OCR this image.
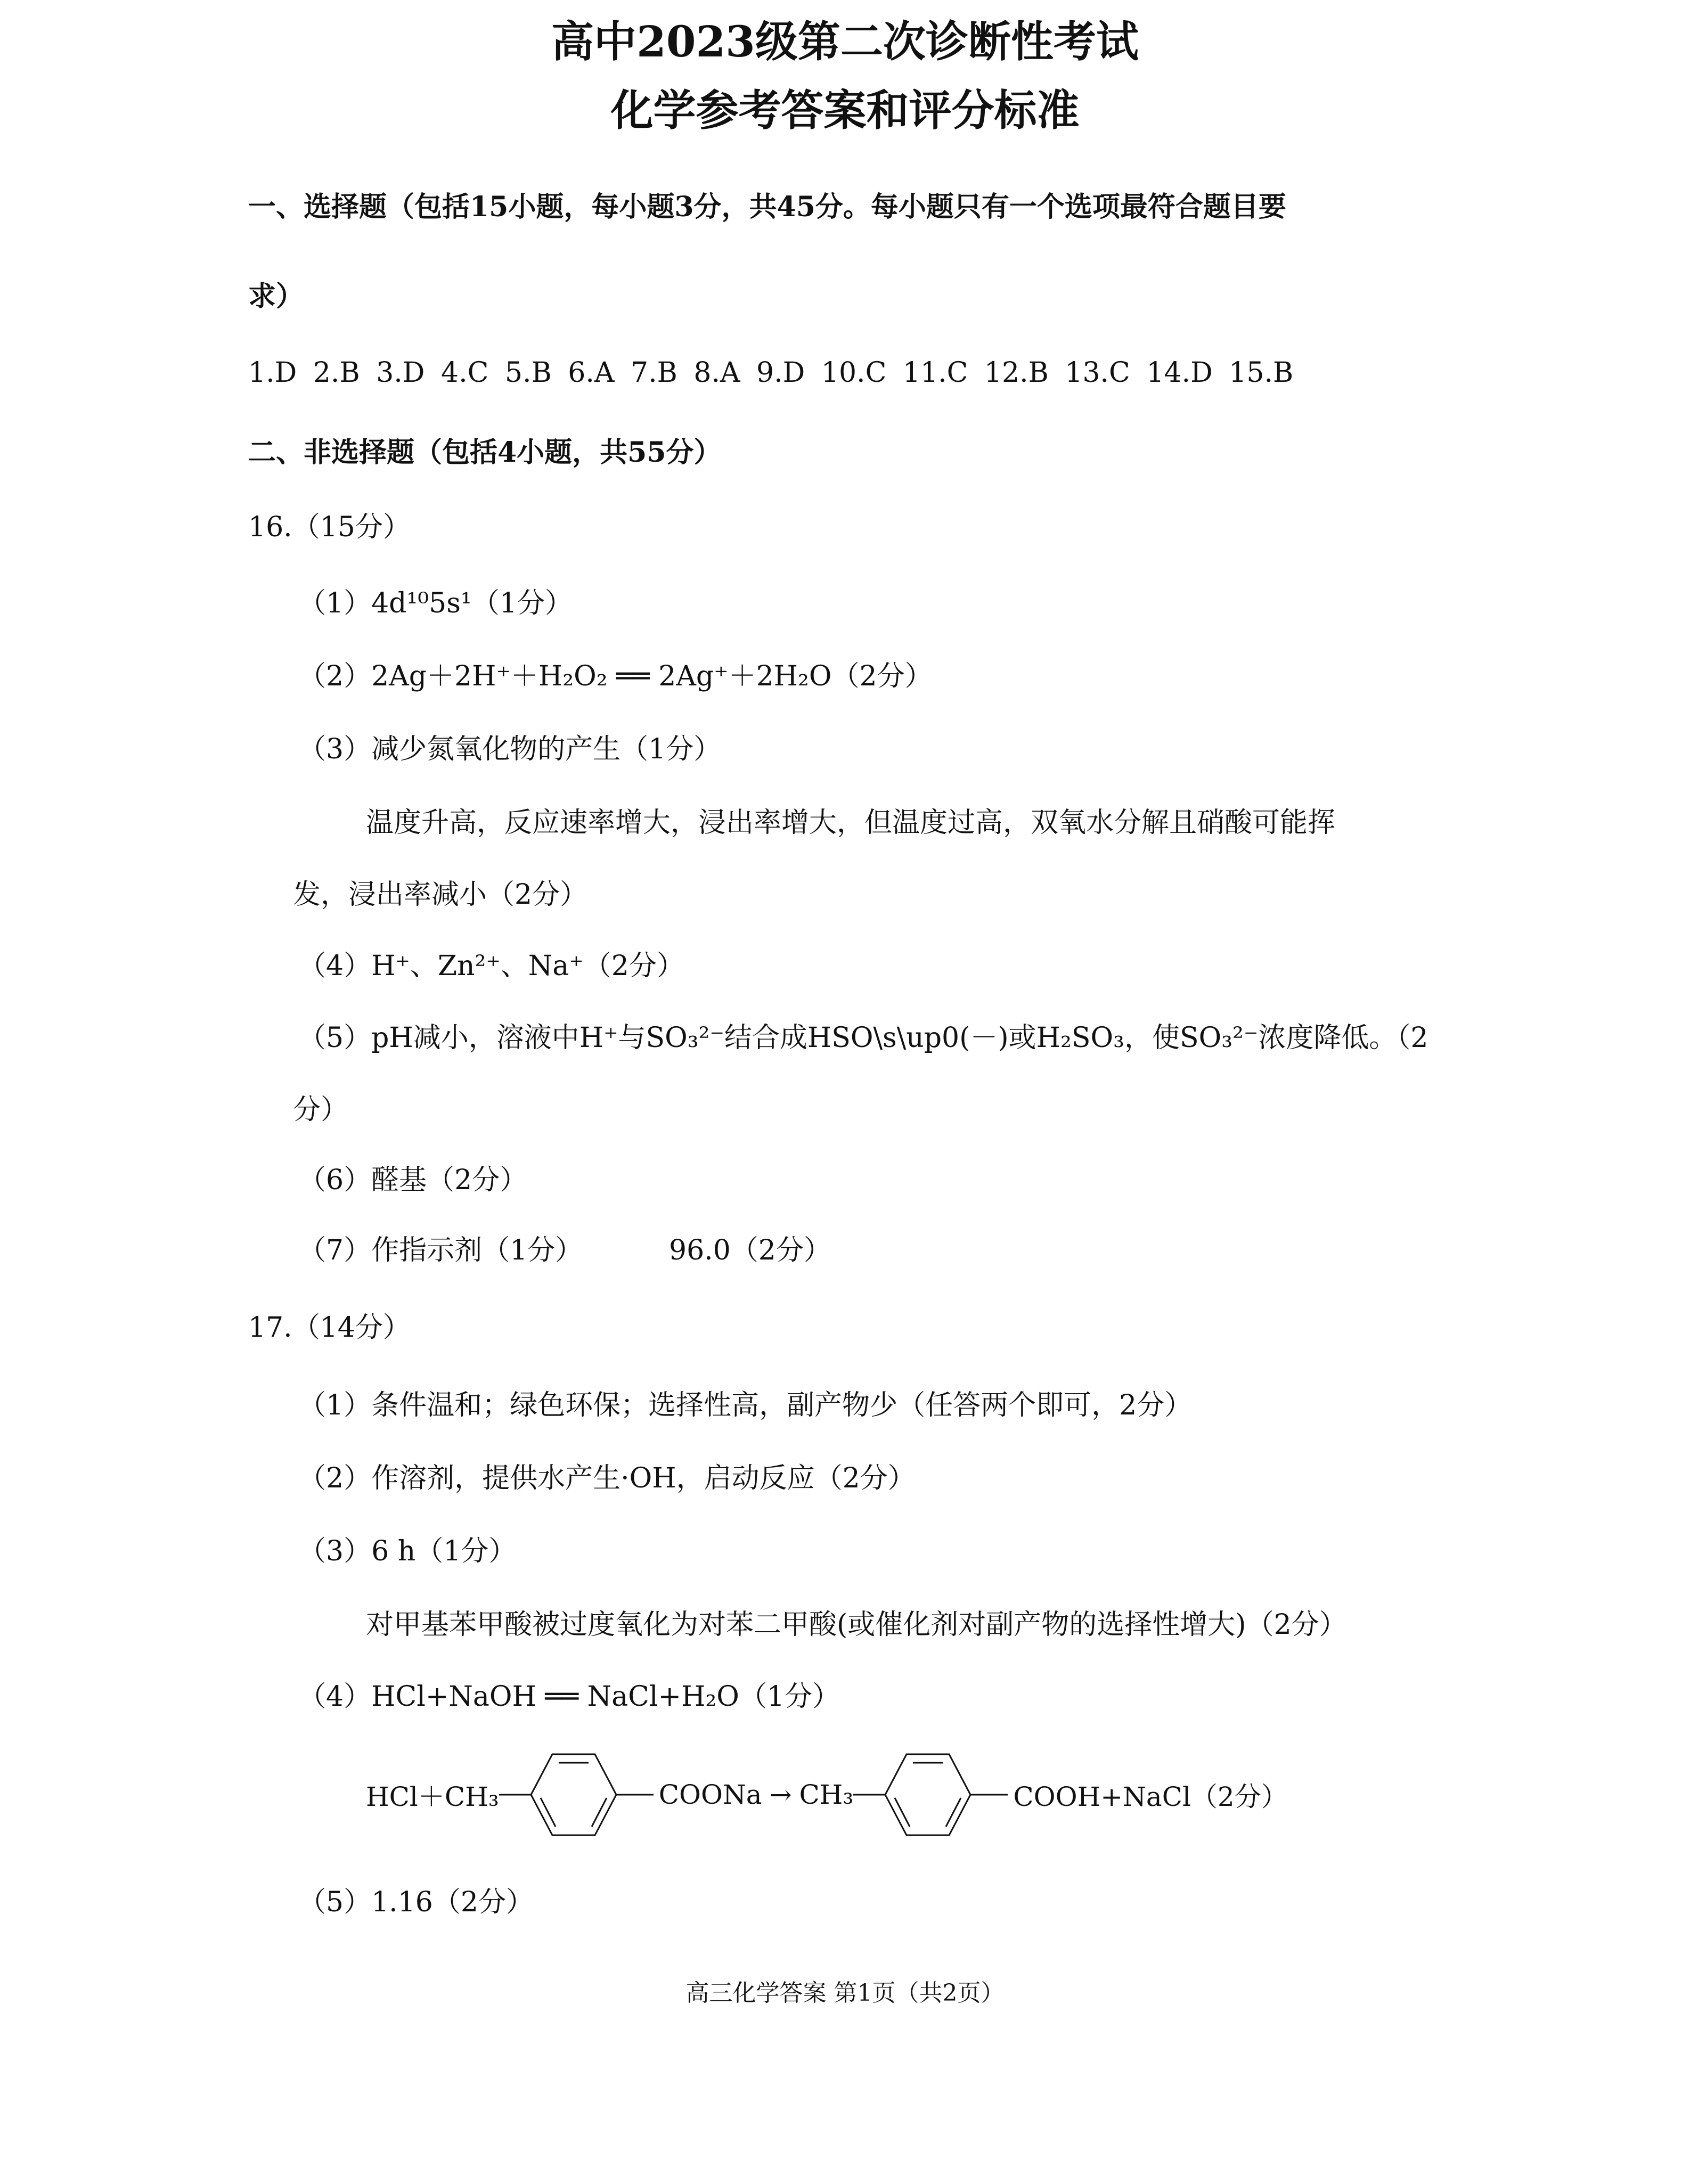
高中2023级第二次诊断性考试
化学参考答案和评分标准
一、选择题（包括15小题，每小题3分，共45分。每小题只有一个选项最符合题目要
求）
1.D 2.B 3.D 4.C 5.B 6.A 7.B 8.A 9.D 10.C 11.C 12.B 13.C 14.D 15.B
二、非选择题（包括4小题，共55分）
16.（15分）
（1）4d¹⁰5s¹（1分）
（2）2Ag＋2H⁺＋H₂O₂ ══ 2Ag⁺＋2H₂O（2分）
（3）减少氮氧化物的产生（1分）
温度升高，反应速率增大，浸出率增大，但温度过高，双氧水分解且硝酸可能挥
发，浸出率减小（2分）
（4）H⁺、Zn²⁺、Na⁺（2分）
（5）pH减小，溶液中H⁺与SO₃²⁻结合成HSO\s\up0(－)或H₂SO₃，使SO₃²⁻浓度降低。（2
分）
（6）醛基（2分）
（7）作指示剂（1分）	96.0（2分）
17.（14分）
（1）条件温和；绿色环保；选择性高，副产物少（任答两个即可，2分）
（2）作溶剂，提供水产生·OH，启动反应（2分）
（3）6 h（1分）
对甲基苯甲酸被过度氧化为对苯二甲酸(或催化剂对副产物的选择性增大)（2分）
（4）HCl+NaOH ══ NaCl+H₂O（1分）
HCl＋CH₃	COONa → CH₃	COOH+NaCl（2分）
（5）1.16（2分）
高三化学答案 第1页（共2页）
